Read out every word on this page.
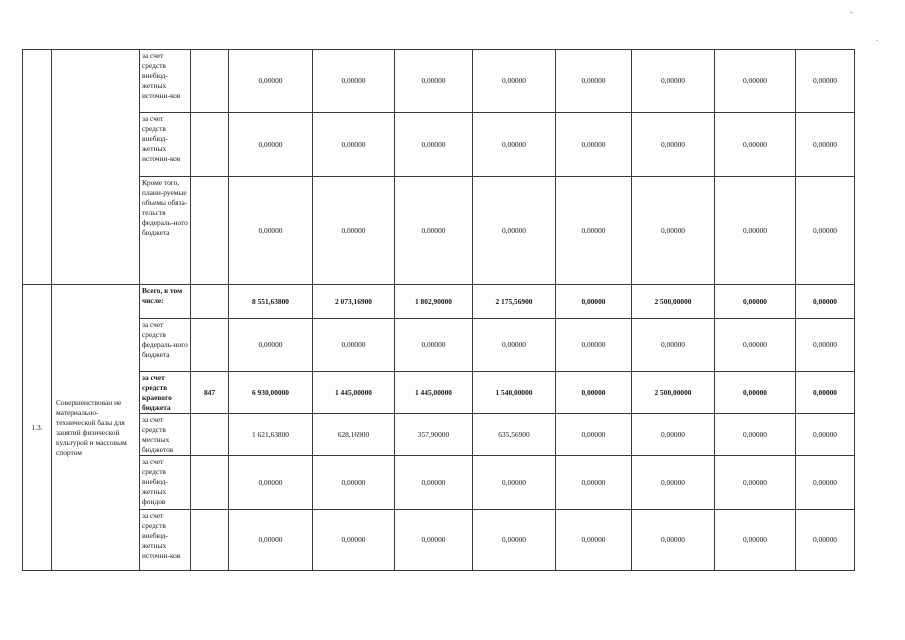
-
.
		за счет средств внебюд-жетных источни-ков		0,00000	0,00000	0,00000	0,00000	0,00000	0,00000	0,00000	0,00000
		за счет средств внебюд-жетных источни-ков		0,00000	0,00000	0,00000	0,00000	0,00000	0,00000	0,00000	0,00000
		Кроме того, плани-руемые объемы обяза-тельств федераль-ного бюджета		0,00000	0,00000	0,00000	0,00000	0,00000	0,00000	0,00000	0,00000
1.3.	Совершенствован ие материально-технической базы для занятий физической культурой и массовым спортом	Всего, в том числе:		8 551,63800	2 073,16900	1 802,90000	2 175,56900	0,00000	2 500,00000	0,00000	0,00000
		за счет средств федераль-ного бюджета		0,00000	0,00000	0,00000	0,00000	0,00000	0,00000	0,00000	0,00000
		за счет средств краевого бюджета	847	6 930,00000	1 445,00000	1 445,00000	1 540,00000	0,00000	2 500,00000	0,00000	0,00000
		за счет средств местных бюджетов		1 621,63800	628,16900	357,90000	635,56900	0,00000	0,00000	0,00000	0,00000
		за счет средств внебюд-жетных фондов		0,00000	0,00000	0,00000	0,00000	0,00000	0,00000	0,00000	0,00000
		за счет средств внебюд-жетных источни-ков		0,00000	0,00000	0,00000	0,00000	0,00000	0,00000	0,00000	0,00000
